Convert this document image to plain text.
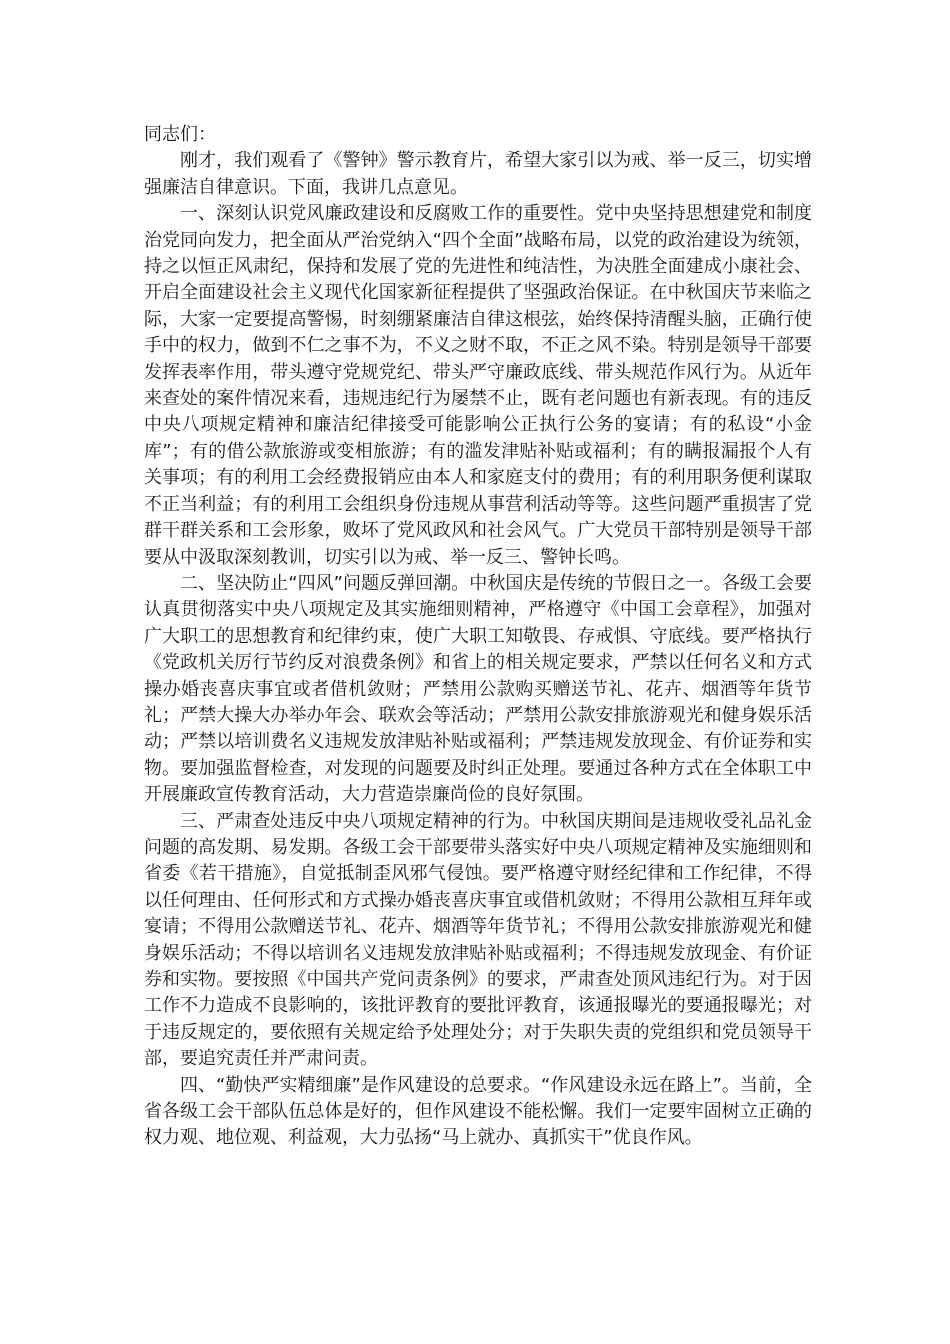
同志们：

刚才，我们观看了《警钟》警示教育片，希望大家引以为戒、举一反三，切实增强廉洁自律意识。下面，我讲几点意见。

一、深刻认识党风廉政建设和反腐败工作的重要性。党中央坚持思想建党和制度治党同向发力，把全面从严治党纳入“四个全面”战略布局，以党的政治建设为统领，持之以恒正风肃纪，保持和发展了党的先进性和纯洁性，为决胜全面建成小康社会、开启全面建设社会主义现代化国家新征程提供了坚强政治保证。在中秋国庆节来临之际，大家一定要提高警惕，时刻绷紧廉洁自律这根弦，始终保持清醒头脑，正确行使手中的权力，做到不仁之事不为，不义之财不取，不正之风不染。特别是领导干部要发挥表率作用，带头遵守党规党纪、带头严守廉政底线、带头规范作风行为。从近年来查处的案件情况来看，违规违纪行为屡禁不止，既有老问题也有新表现。有的违反中央八项规定精神和廉洁纪律接受可能影响公正执行公务的宴请；有的私设“小金库”；有的借公款旅游或变相旅游；有的滥发津贴补贴或福利；有的瞒报漏报个人有关事项；有的利用工会经费报销应由本人和家庭支付的费用；有的利用职务便利谋取不正当利益；有的利用工会组织身份违规从事营利活动等等。这些问题严重损害了党群干群关系和工会形象，败坏了党风政风和社会风气。广大党员干部特别是领导干部要从中汲取深刻教训，切实引以为戒、举一反三、警钟长鸣。

二、坚决防止“四风”问题反弹回潮。中秋国庆是传统的节假日之一。各级工会要认真贯彻落实中央八项规定及其实施细则精神，严格遵守《中国工会章程》，加强对广大职工的思想教育和纪律约束，使广大职工知敬畏、存戒惧、守底线。要严格执行《党政机关厉行节约反对浪费条例》和省上的相关规定要求，严禁以任何名义和方式操办婚丧喜庆事宜或者借机敛财；严禁用公款购买赠送节礼、花卉、烟酒等年货节礼；严禁大操大办举办年会、联欢会等活动；严禁用公款安排旅游观光和健身娱乐活动；严禁以培训费名义违规发放津贴补贴或福利；严禁违规发放现金、有价证券和实物。要加强监督检查，对发现的问题要及时纠正处理。要通过各种方式在全体职工中开展廉政宣传教育活动，大力营造崇廉尚俭的良好氛围。

三、严肃查处违反中央八项规定精神的行为。中秋国庆期间是违规收受礼品礼金问题的高发期、易发期。各级工会干部要带头落实好中央八项规定精神及实施细则和省委《若干措施》，自觉抵制歪风邪气侵蚀。要严格遵守财经纪律和工作纪律，不得以任何理由、任何形式和方式操办婚丧喜庆事宜或借机敛财；不得用公款相互拜年或宴请；不得用公款赠送节礼、花卉、烟酒等年货节礼；不得用公款安排旅游观光和健身娱乐活动；不得以培训名义违规发放津贴补贴或福利；不得违规发放现金、有价证券和实物。要按照《中国共产党问责条例》的要求，严肃查处顶风违纪行为。对于因工作不力造成不良影响的，该批评教育的要批评教育，该通报曝光的要通报曝光；对于违反规定的，要依照有关规定给予处理处分；对于失职失责的党组织和党员领导干部，要追究责任并严肃问责。

四、“勤快严实精细廉”是作风建设的总要求。“作风建设永远在路上”。当前，全省各级工会干部队伍总体是好的，但作风建设不能松懈。我们一定要牢固树立正确的权力观、地位观、利益观，大力弘扬“马上就办、真抓实干”优良作风。
